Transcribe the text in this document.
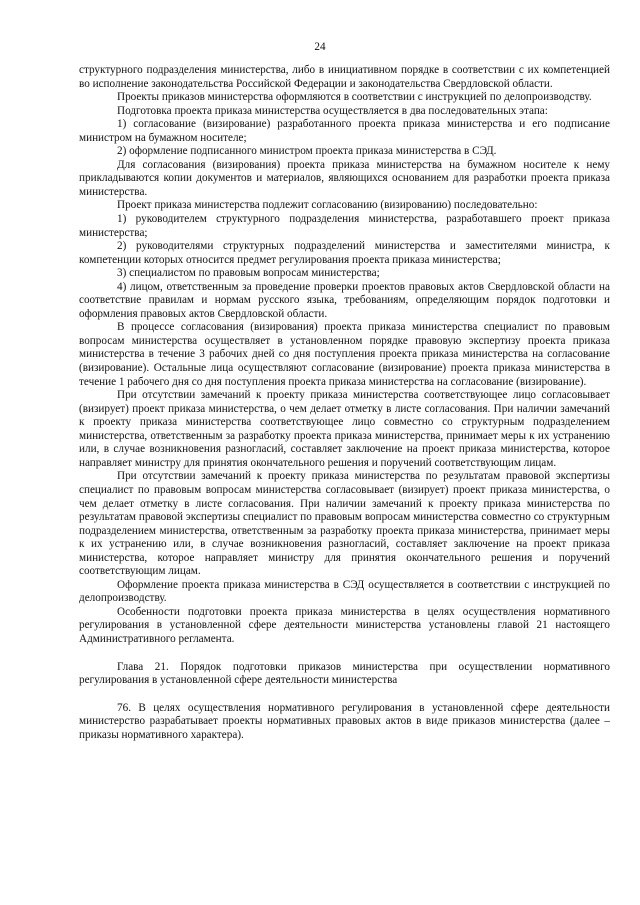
24

структурного подразделения министерства, либо в инициативном порядке в соответствии с их компетенцией во исполнение законодательства Российской Федерации и законодательства Свердловской области.

Проекты приказов министерства оформляются в соответствии с инструкцией по делопроизводству.

Подготовка проекта приказа министерства осуществляется в два последовательных этапа:

1) согласование (визирование) разработанного проекта приказа министерства и его подписание министром на бумажном носителе;

2) оформление подписанного министром проекта приказа министерства в СЭД.

Для согласования (визирования) проекта приказа министерства на бумажном носителе к нему прикладываются копии документов и материалов, являющихся основанием для разработки проекта приказа министерства.

Проект приказа министерства подлежит согласованию (визированию) последовательно:

1) руководителем структурного подразделения министерства, разработавшего проект приказа министерства;

2) руководителями структурных подразделений министерства и заместителями министра, к компетенции которых относится предмет регулирования проекта приказа министерства;

3) специалистом по правовым вопросам министерства;

4) лицом, ответственным за проведение проверки проектов правовых актов Свердловской области на соответствие правилам и нормам русского языка, требованиям, определяющим порядок подготовки и оформления правовых актов Свердловской области.

В процессе согласования (визирования) проекта приказа министерства специалист по правовым вопросам министерства осуществляет в установленном порядке правовую экспертизу проекта приказа министерства в течение 3 рабочих дней со дня поступления проекта приказа министерства на согласование (визирование). Остальные лица осуществляют согласование (визирование) проекта приказа министерства в течение 1 рабочего дня со дня поступления проекта приказа министерства на согласование (визирование).

При отсутствии замечаний к проекту приказа министерства соответствующее лицо согласовывает (визирует) проект приказа министерства, о чем делает отметку в листе согласования. При наличии замечаний к проекту приказа министерства соответствующее лицо совместно со структурным подразделением министерства, ответственным за разработку проекта приказа министерства, принимает меры к их устранению или, в случае возникновения разногласий, составляет заключение на проект приказа министерства, которое направляет министру для принятия окончательного решения и поручений соответствующим лицам.

При отсутствии замечаний к проекту приказа министерства по результатам правовой экспертизы специалист по правовым вопросам министерства согласовывает (визирует) проект приказа министерства, о чем делает отметку в листе согласования. При наличии замечаний к проекту приказа министерства по результатам правовой экспертизы специалист по правовым вопросам министерства совместно со структурным подразделением министерства, ответственным за разработку проекта приказа министерства, принимает меры к их устранению или, в случае возникновения разногласий, составляет заключение на проект приказа министерства, которое направляет министру для принятия окончательного решения и поручений соответствующим лицам.

Оформление проекта приказа министерства в СЭД осуществляется в соответствии с инструкцией по делопроизводству.

Особенности подготовки проекта приказа министерства в целях осуществления нормативного регулирования в установленной сфере деятельности министерства установлены главой 21 настоящего Административного регламента.

Глава 21. Порядок подготовки приказов министерства при осуществлении нормативного регулирования в установленной сфере деятельности министерства

76. В целях осуществления нормативного регулирования в установленной сфере деятельности министерство разрабатывает проекты нормативных правовых актов в виде приказов министерства (далее – приказы нормативного характера).
